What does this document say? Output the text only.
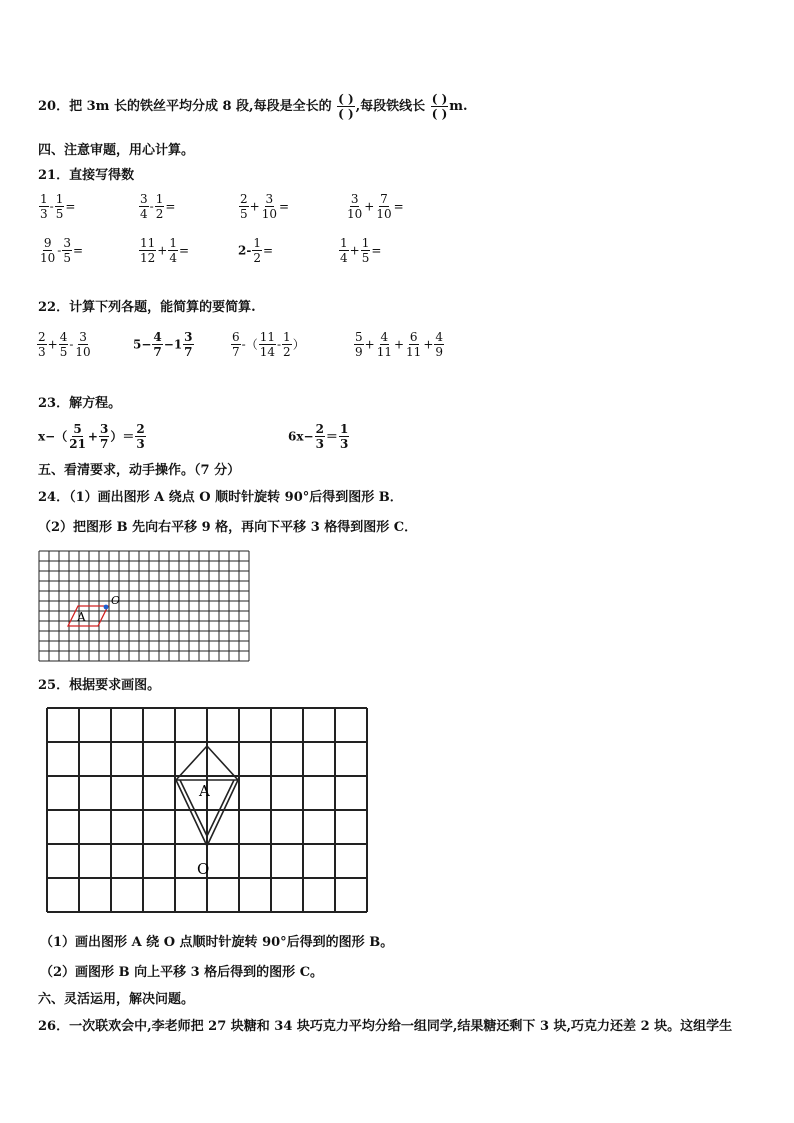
20．把 3m 长的铁丝平均分成 8 段,每段是全长的 $\frac{( )}{( )}$ ,每段铁线长 $\frac{( )}{( )} m$.
四、注意审题，用心计算。
21．直接写得数
$\frac{1}{3} - \frac{1}{5}$ =	$\frac{3}{4} - \frac{1}{2}$ =	$\frac{2}{5} + \frac{3}{10}$ =	$\frac{3}{10} + \frac{7}{10}$ =
$\frac{9}{10} - \frac{3}{5}$ =	$\frac{11}{12} + \frac{1}{4}$ =	$2- \frac{1}{2}$ =	$\frac{1}{4} + \frac{1}{5}$ =
22．计算下列各题，能简算的要简算.
$\frac{2}{3} + \frac{4}{5} - \frac{3}{10}$	$5- \frac{4}{7} -1 \frac{3}{7}$	$\frac{6}{7}$ -（ $\frac{11}{14} - \frac{1}{2}$ ）	$\frac{5}{9} + \frac{4}{11} + \frac{6}{11} + \frac{4}{9}$
23．解方程。
$x-( \frac{5}{21} + \frac{3}{7}$ ）＝ $\frac{2}{3}$	$6x- \frac{2}{3} = \frac{1}{3}$
五、看清要求，动手操作。（7 分）
24．（1）画出图形 A 绕点 O 顺时针旋转 90°后得到图形 B．
（2）把图形 B 先向右平移 9 格，再向下平移 3 格得到图形 C．
A
O
25．根据要求画图。
A
O
（1）画出图形 A 绕 O 点顺时针旋转 90°后得到的图形 B。
（2）画图形 B 向上平移 3 格后得到的图形 C。
六、灵活运用，解决问题。
26．一次联欢会中,李老师把 27 块糖和 34 块巧克力平均分给一组同学,结果糖还剩下 3 块,巧克力还差 2 块。这组学生
